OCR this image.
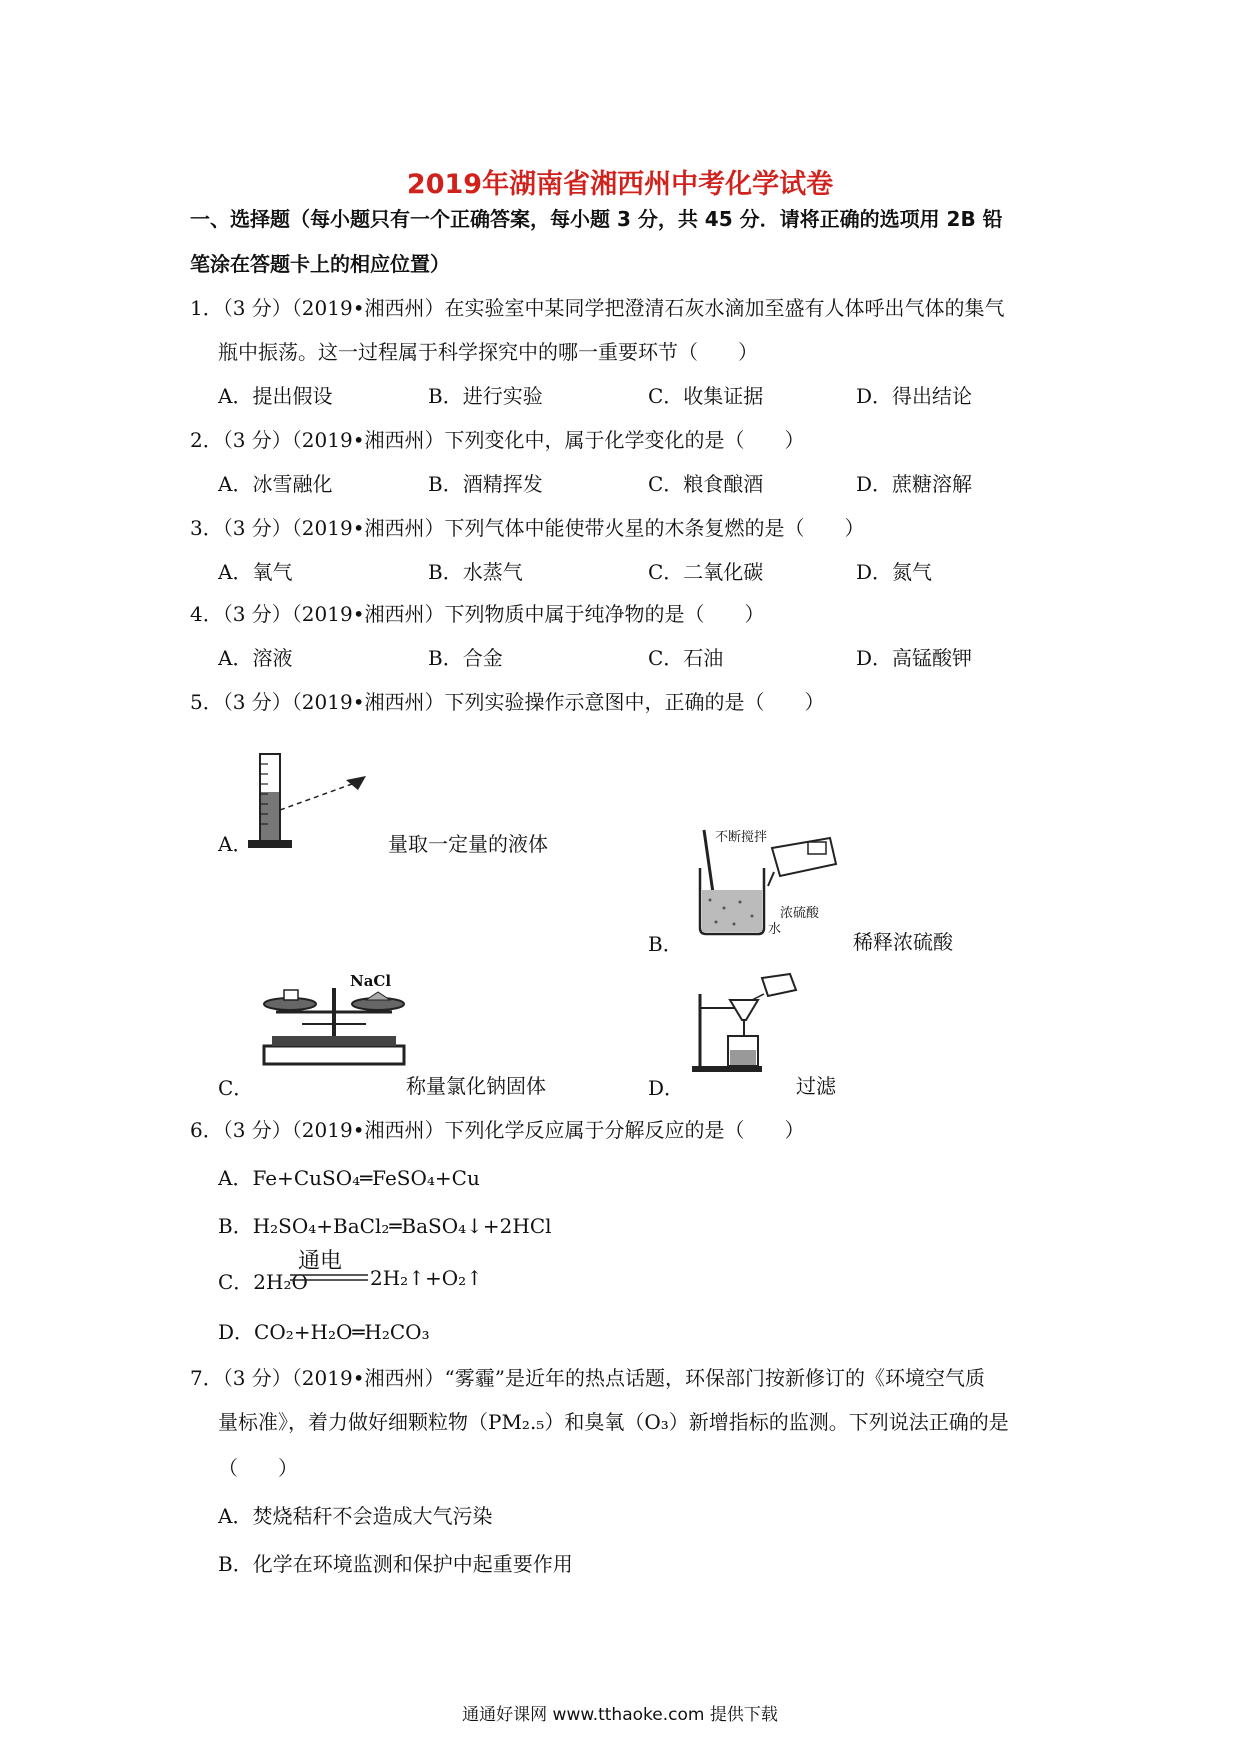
2019年湖南省湘西州中考化学试卷
一、选择题（每小题只有一个正确答案，每小题 3 分，共 45 分．请将正确的选项用 2B 铅
笔涂在答题卡上的相应位置）
1．（3 分）（2019•湘西州）在实验室中某同学把澄清石灰水滴加至盛有人体呼出气体的集气
瓶中振荡。这一过程属于科学探究中的哪一重要环节（　　）
A．提出假设	B．进行实验	C．收集证据	D．得出结论
2．（3 分）（2019•湘西州）下列变化中，属于化学变化的是（　　）
A．冰雪融化	B．酒精挥发	C．粮食酿酒	D．蔗糖溶解
3．（3 分）（2019•湘西州）下列气体中能使带火星的木条复燃的是（　　）
A．氧气	B．水蒸气	C．二氧化碳	D．氮气
4．（3 分）（2019•湘西州）下列物质中属于纯净物的是（　　）
A．溶液	B．合金	C．石油	D．高锰酸钾
5．（3 分）（2019•湘西州）下列实验操作示意图中，正确的是（　　）
A．	量取一定量的液体	不断搅拌
浓硫酸
水
B．	稀释浓硫酸
NaCl
C．	称量氯化钠固体	D．	过滤
6．（3 分）（2019•湘西州）下列化学反应属于分解反应的是（　　）
A．Fe+CuSO₄═FeSO₄+Cu
B．H₂SO₄+BaCl₂═BaSO₄↓+2HCl
C．2H₂O
通电
2H₂↑+O₂↑
D．CO₂+H₂O═H₂CO₃
7．（3 分）（2019•湘西州）“雾霾”是近年的热点话题，环保部门按新修订的《环境空气质
量标准》，着力做好细颗粒物（PM₂.₅）和臭氧（O₃）新增指标的监测。下列说法正确的是
（　　）
A．焚烧秸秆不会造成大气污染
B．化学在环境监测和保护中起重要作用
通通好课网 www.tthaoke.com 提供下载
